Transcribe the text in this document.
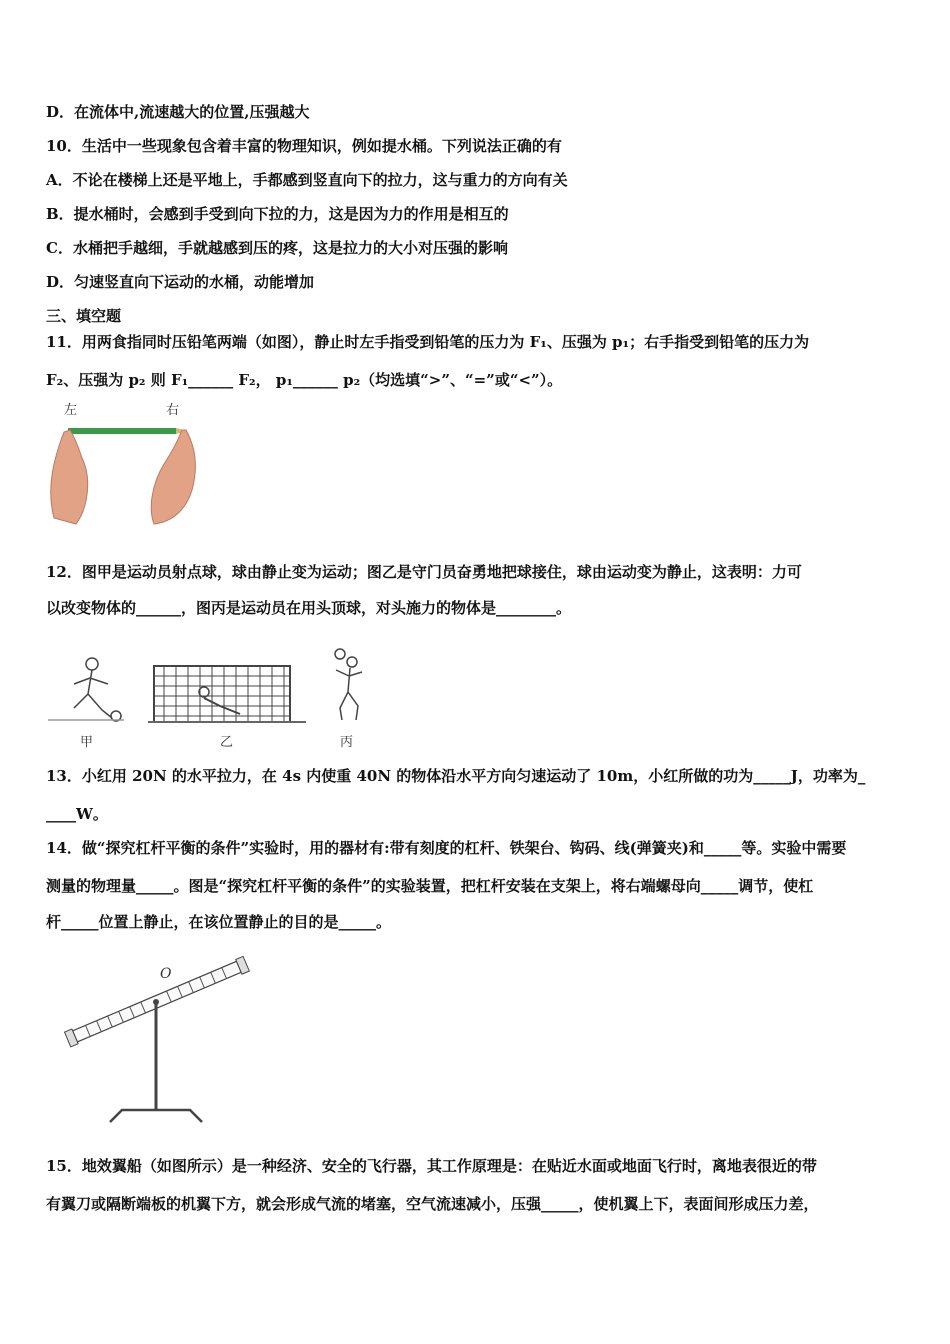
D．在流体中,流速越大的位置,压强越大
10．生活中一些现象包含着丰富的物理知识，例如提水桶。下列说法正确的有
A．不论在楼梯上还是平地上，手都感到竖直向下的拉力，这与重力的方向有关
B．提水桶时，会感到手受到向下拉的力，这是因为力的作用是相互的
C．水桶把手越细，手就越感到压的疼，这是拉力的大小对压强的影响
D．匀速竖直向下运动的水桶，动能增加
三、填空题
11．用两食指同时压铅笔两端（如图），静止时左手指受到铅笔的压力为 F₁、压强为 p₁；右手指受到铅笔的压力为
F₂、压强为 p₂ 则 F₁______ F₂， p₁______ p₂（均选填“>”、“=”或“<”）。
左	右
12．图甲是运动员射点球，球由静止变为运动；图乙是守门员奋勇地把球接住，球由运动变为静止，这表明：力可
以改变物体的______，图丙是运动员在用头顶球，对头施力的物体是________。
甲	乙	丙
13．小红用 20N 的水平拉力，在 4s 内使重 40N 的物体沿水平方向匀速运动了 10m，小红所做的功为_____J，功率为_
____W。
14．做“探究杠杆平衡的条件”实验时，用的器材有:带有刻度的杠杆、铁架台、钩码、线(弹簧夹)和_____等。实验中需要
测量的物理量_____。图是“探究杠杆平衡的条件”的实验装置，把杠杆安装在支架上，将右端螺母向_____调节，使杠
杆_____位置上静止，在该位置静止的目的是_____。
O
15．地效翼船（如图所示）是一种经济、安全的飞行器，其工作原理是：在贴近水面或地面飞行时，离地表很近的带
有翼刀或隔断端板的机翼下方，就会形成气流的堵塞，空气流速减小，压强_____，使机翼上下，表面间形成压力差，
